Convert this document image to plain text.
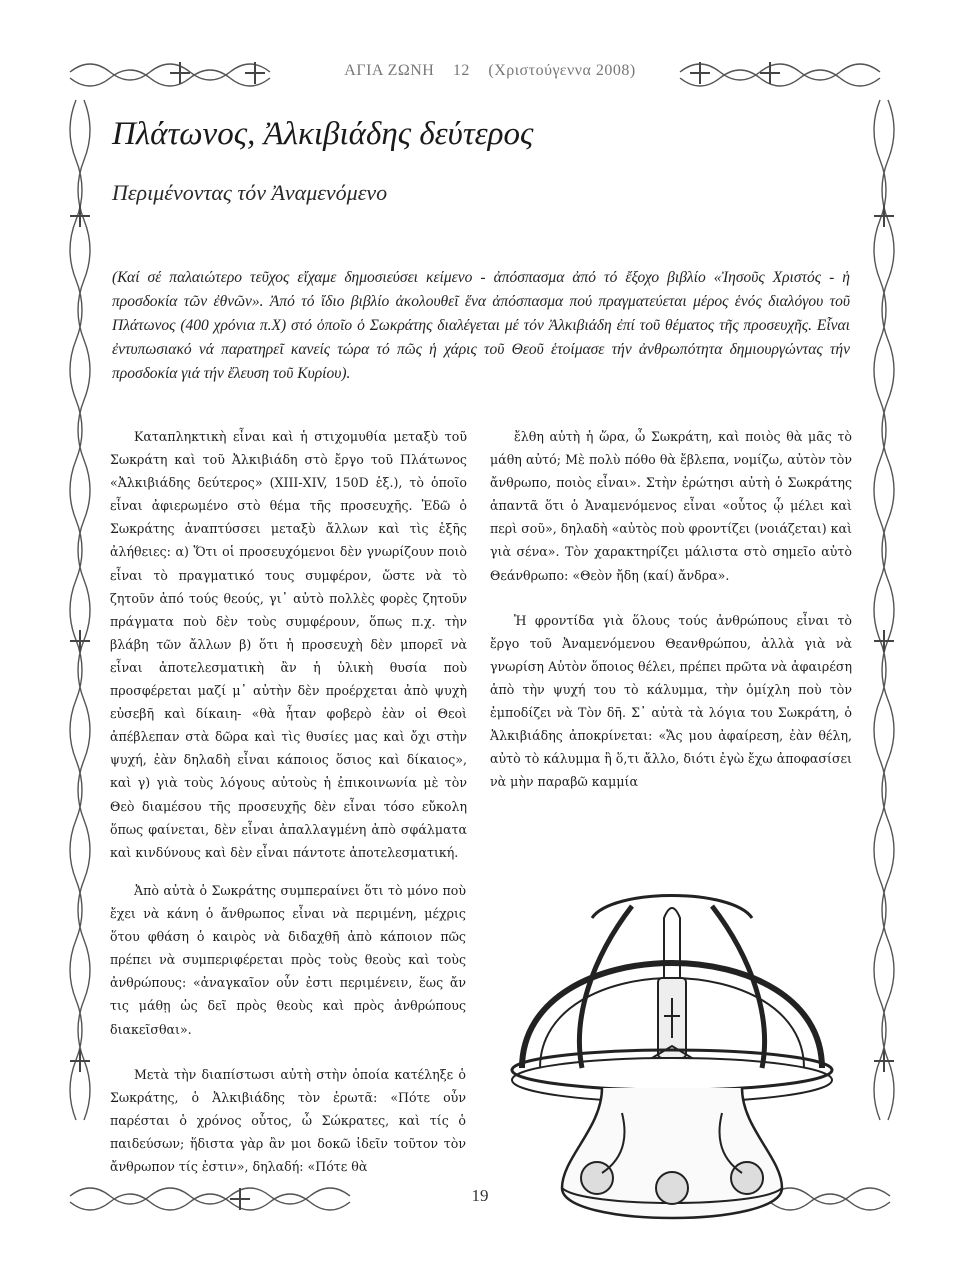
ΑΓΙΑ ΖΩΝΗ 12 (Χριστούγεννα 2008)
Πλάτωνος, Ἀλκιβιάδης δεύτερος
Περιμένοντας τόν Ἀναμενόμενο

(Καί σέ παλαιώτερο τεῦχος εἴχαμε δημοσιεύσει κείμενο - ἀπόσπασμα ἀπό τό ἔξοχο βιβλίο «Ἰησοῦς Χριστός - ἡ προσδοκία τῶν ἐθνῶν». Ἀπό τό ἴδιο βιβλίο ἀκολουθεῖ ἕνα ἀπόσπασμα πού πραγματεύεται μέρος ἑνός διαλόγου τοῦ Πλάτωνος (400 χρόνια π.Χ) στό ὁποῖο ὁ Σωκράτης διαλέγεται μέ τόν Ἀλκιβιάδη ἐπί τοῦ θέματος τῆς προσευχῆς. Εἶναι ἐντυπωσιακό νά παρατηρεῖ κανείς τώρα τό πῶς ἡ χάρις τοῦ Θεοῦ ἑτοίμασε τήν ἀνθρωπότητα δημιουργώντας τήν προσδοκία γιά τήν ἔλευση τοῦ Κυρίου).

Καταπληκτικὴ εἶναι καὶ ἡ στιχομυθία μεταξὺ τοῦ Σωκράτη καὶ τοῦ Ἀλκιβιάδη στὸ ἔργο τοῦ Πλάτωνος «Ἀλκιβιάδης δεύτερος» (ΧΙΙΙ-ΧΙV, 150D ἑξ.), τὸ ὁποῖο εἶναι ἀφιερωμένο στὸ θέμα τῆς προσευχῆς. Ἐδῶ ὁ Σωκράτης ἀναπτύσσει μεταξὺ ἄλλων καὶ τὶς ἑξῆς ἀλήθειες: α) Ὅτι οἱ προσευχόμενοι δὲν γνωρίζουν ποιὸ εἶναι τὸ πραγματικό τους συμφέρον, ὥστε νὰ τὸ ζητοῦν ἀπό τούς θεούς, γι᾽ αὐτὸ πολλὲς φορὲς ζητοῦν πράγματα ποὺ δὲν τοὺς συμφέρουν, ὅπως π.χ. τὴν βλάβη τῶν ἄλλων β) ὅτι ἡ προσευχὴ δὲν μπορεῖ νὰ εἶναι ἀποτελεσματικὴ ἂν ἡ ὑλικὴ θυσία ποὺ προσφέρεται μαζί μ᾽ αὐτὴν δὲν προέρχεται ἀπὸ ψυχὴ εὐσεβῆ καὶ δίκαιη- «θὰ ἦταν φοβερὸ ἐὰν οἱ Θεοὶ ἀπέβλεπαν στὰ δῶρα καὶ τὶς θυσίες μας καὶ ὄχι στὴν ψυχή, ἐὰν δηλαδὴ εἶναι κάποιος ὅσιος καὶ δίκαιος», καὶ γ) γιὰ τοὺς λόγους αὐτοὺς ἡ ἐπικοινωνία μὲ τὸν Θεὸ διαμέσου τῆς προσευχῆς δὲν εἶναι τόσο εὔκολη ὅπως φαίνεται, δὲν εἶναι ἀπαλλαγμένη ἀπὸ σφάλματα καὶ κινδύνους καὶ δὲν εἶναι πάντοτε ἀποτελεσματική.

ἔλθη αὐτὴ ἡ ὥρα, ὦ Σωκράτη, καὶ ποιὸς θὰ μᾶς τὸ μάθη αὐτό; Μὲ πολὺ πόθο θὰ ἔβλεπα, νομίζω, αὐτὸν τὸν ἄνθρωπο, ποιὸς εἶναι». Στὴν ἐρώτησι αὐτὴ ὁ Σωκράτης ἀπαντᾶ ὅτι ὁ Ἀναμενόμενος εἶναι «οὗτος ᾧ μέλει καὶ περὶ σοῦ», δηλαδὴ «αὐτὸς ποὺ φροντίζει (νοιάζεται) καὶ γιὰ σένα». Τὸν χαρακτηρίζει μάλιστα στὸ σημεῖο αὐτὸ Θεάνθρωπο: «Θεὸν ἤδη (καί) ἄνδρα».

Ἡ φροντίδα γιὰ ὅλους τούς ἀνθρώπους εἶναι τὸ ἔργο τοῦ Ἀναμενόμενου Θεανθρώπου, ἀλλὰ γιὰ νὰ γνωρίση Αὐτὸν ὅποιος θέλει, πρέπει πρῶτα νὰ ἀφαιρέση ἀπὸ τὴν ψυχή του τὸ κάλυμμα, τὴν ὁμίχλη ποὺ τὸν ἐμποδίζει νὰ Τὸν δῆ. Σ᾽ αὐτὰ τὰ λόγια του Σωκράτη, ὁ Ἀλκιβιάδης ἀποκρίνεται: «Ἄς μου ἀφαίρεση, ἐὰν θέλη, αὐτὸ τὸ κάλυμμα ἢ ὅ,τι ἄλλο, διότι ἐγὼ ἔχω ἀποφασίσει νὰ μὴν παραβῶ καμμία

Ἀπὸ αὐτὰ ὁ Σωκράτης συμπεραίνει ὅτι τὸ μόνο ποὺ ἔχει νὰ κάνη ὁ ἄνθρωπος εἶναι νὰ περιμένη, μέχρις ὅτου φθάση ὁ καιρὸς νὰ διδαχθῆ ἀπὸ κάποιον πῶς πρέπει νὰ συμπεριφέρεται πρὸς τοὺς θεοὺς καὶ τοὺς ἀνθρώπους: «ἀναγκαῖον οὖν ἐστι περιμένειν, ἕως ἄν τις μάθῃ ὡς δεῖ πρὸς θεοὺς καὶ πρὸς ἀνθρώπους διακεῖσθαι».

Μετὰ τὴν διαπίστωσι αὐτὴ στὴν ὁποία κατέληξε ὁ Σωκράτης, ὁ Ἀλκιβιάδης τὸν ἐρωτᾶ: «Πότε οὖν παρέσται ὁ χρόνος οὗτος, ὦ Σώκρατες, καὶ τίς ὁ παιδεύσων; ἥδιστα γὰρ ἂν μοι δοκῶ ἰδεῖν τοῦτον τὸν ἄνθρωπον τίς ἐστιν», δηλαδή: «Πότε θὰ

19
